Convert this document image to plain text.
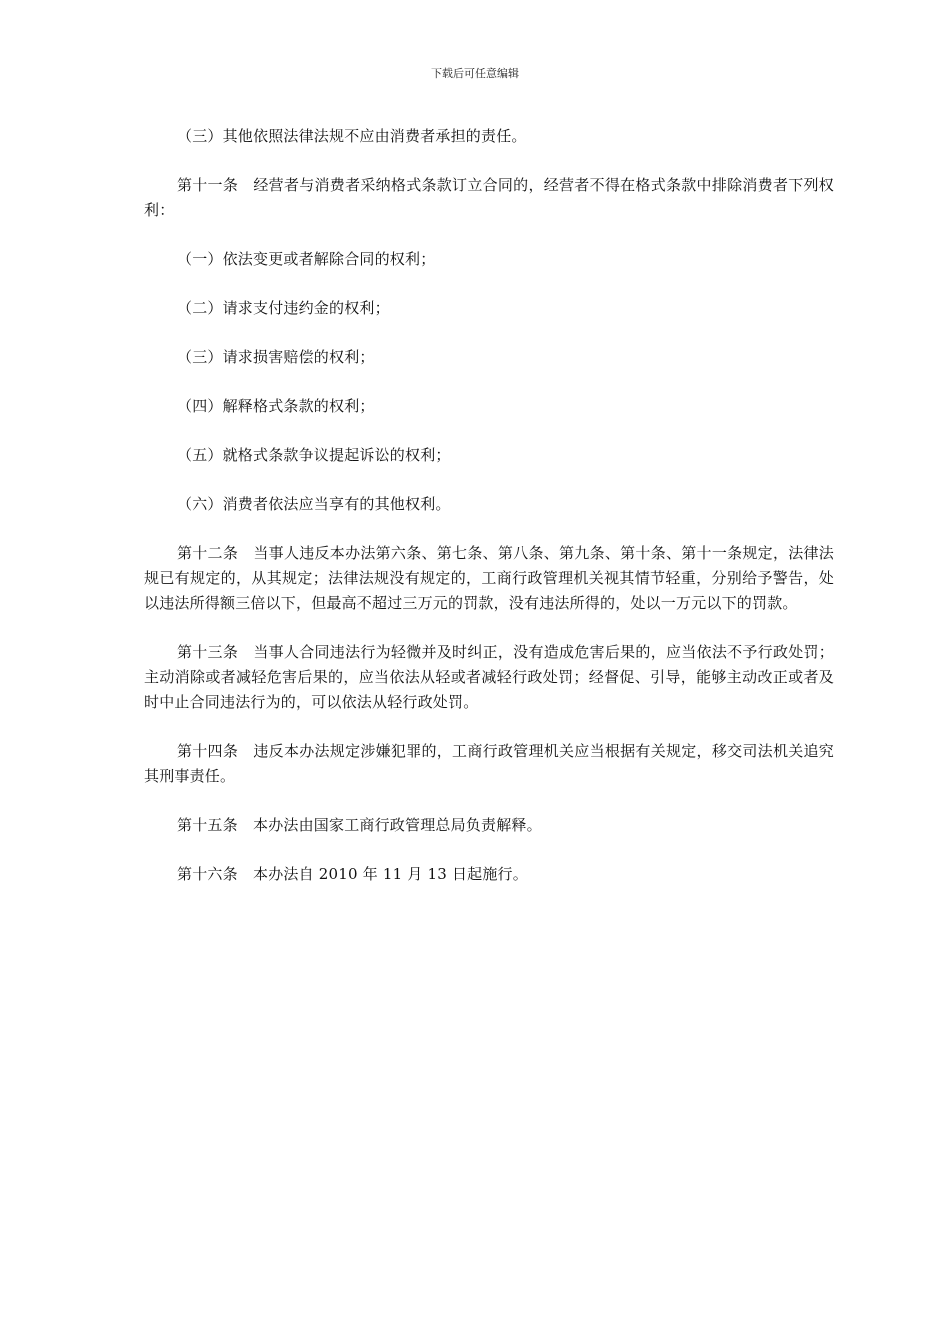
下载后可任意编辑

（三）其他依照法律法规不应由消费者承担的责任。

第十一条　经营者与消费者采纳格式条款订立合同的，经营者不得在格式条款中排除消费者下列权利：

（一）依法变更或者解除合同的权利；

（二）请求支付违约金的权利；

（三）请求损害赔偿的权利；

（四）解释格式条款的权利；

（五）就格式条款争议提起诉讼的权利；

（六）消费者依法应当享有的其他权利。

第十二条　当事人违反本办法第六条、第七条、第八条、第九条、第十条、第十一条规定，法律法规已有规定的，从其规定；法律法规没有规定的，工商行政管理机关视其情节轻重，分别给予警告，处以违法所得额三倍以下，但最高不超过三万元的罚款，没有违法所得的，处以一万元以下的罚款。

第十三条　当事人合同违法行为轻微并及时纠正，没有造成危害后果的，应当依法不予行政处罚；主动消除或者减轻危害后果的，应当依法从轻或者减轻行政处罚；经督促、引导，能够主动改正或者及时中止合同违法行为的，可以依法从轻行政处罚。

第十四条　违反本办法规定涉嫌犯罪的，工商行政管理机关应当根据有关规定，移交司法机关追究其刑事责任。

第十五条　本办法由国家工商行政管理总局负责解释。

第十六条　本办法自 2010 年 11 月 13 日起施行。
